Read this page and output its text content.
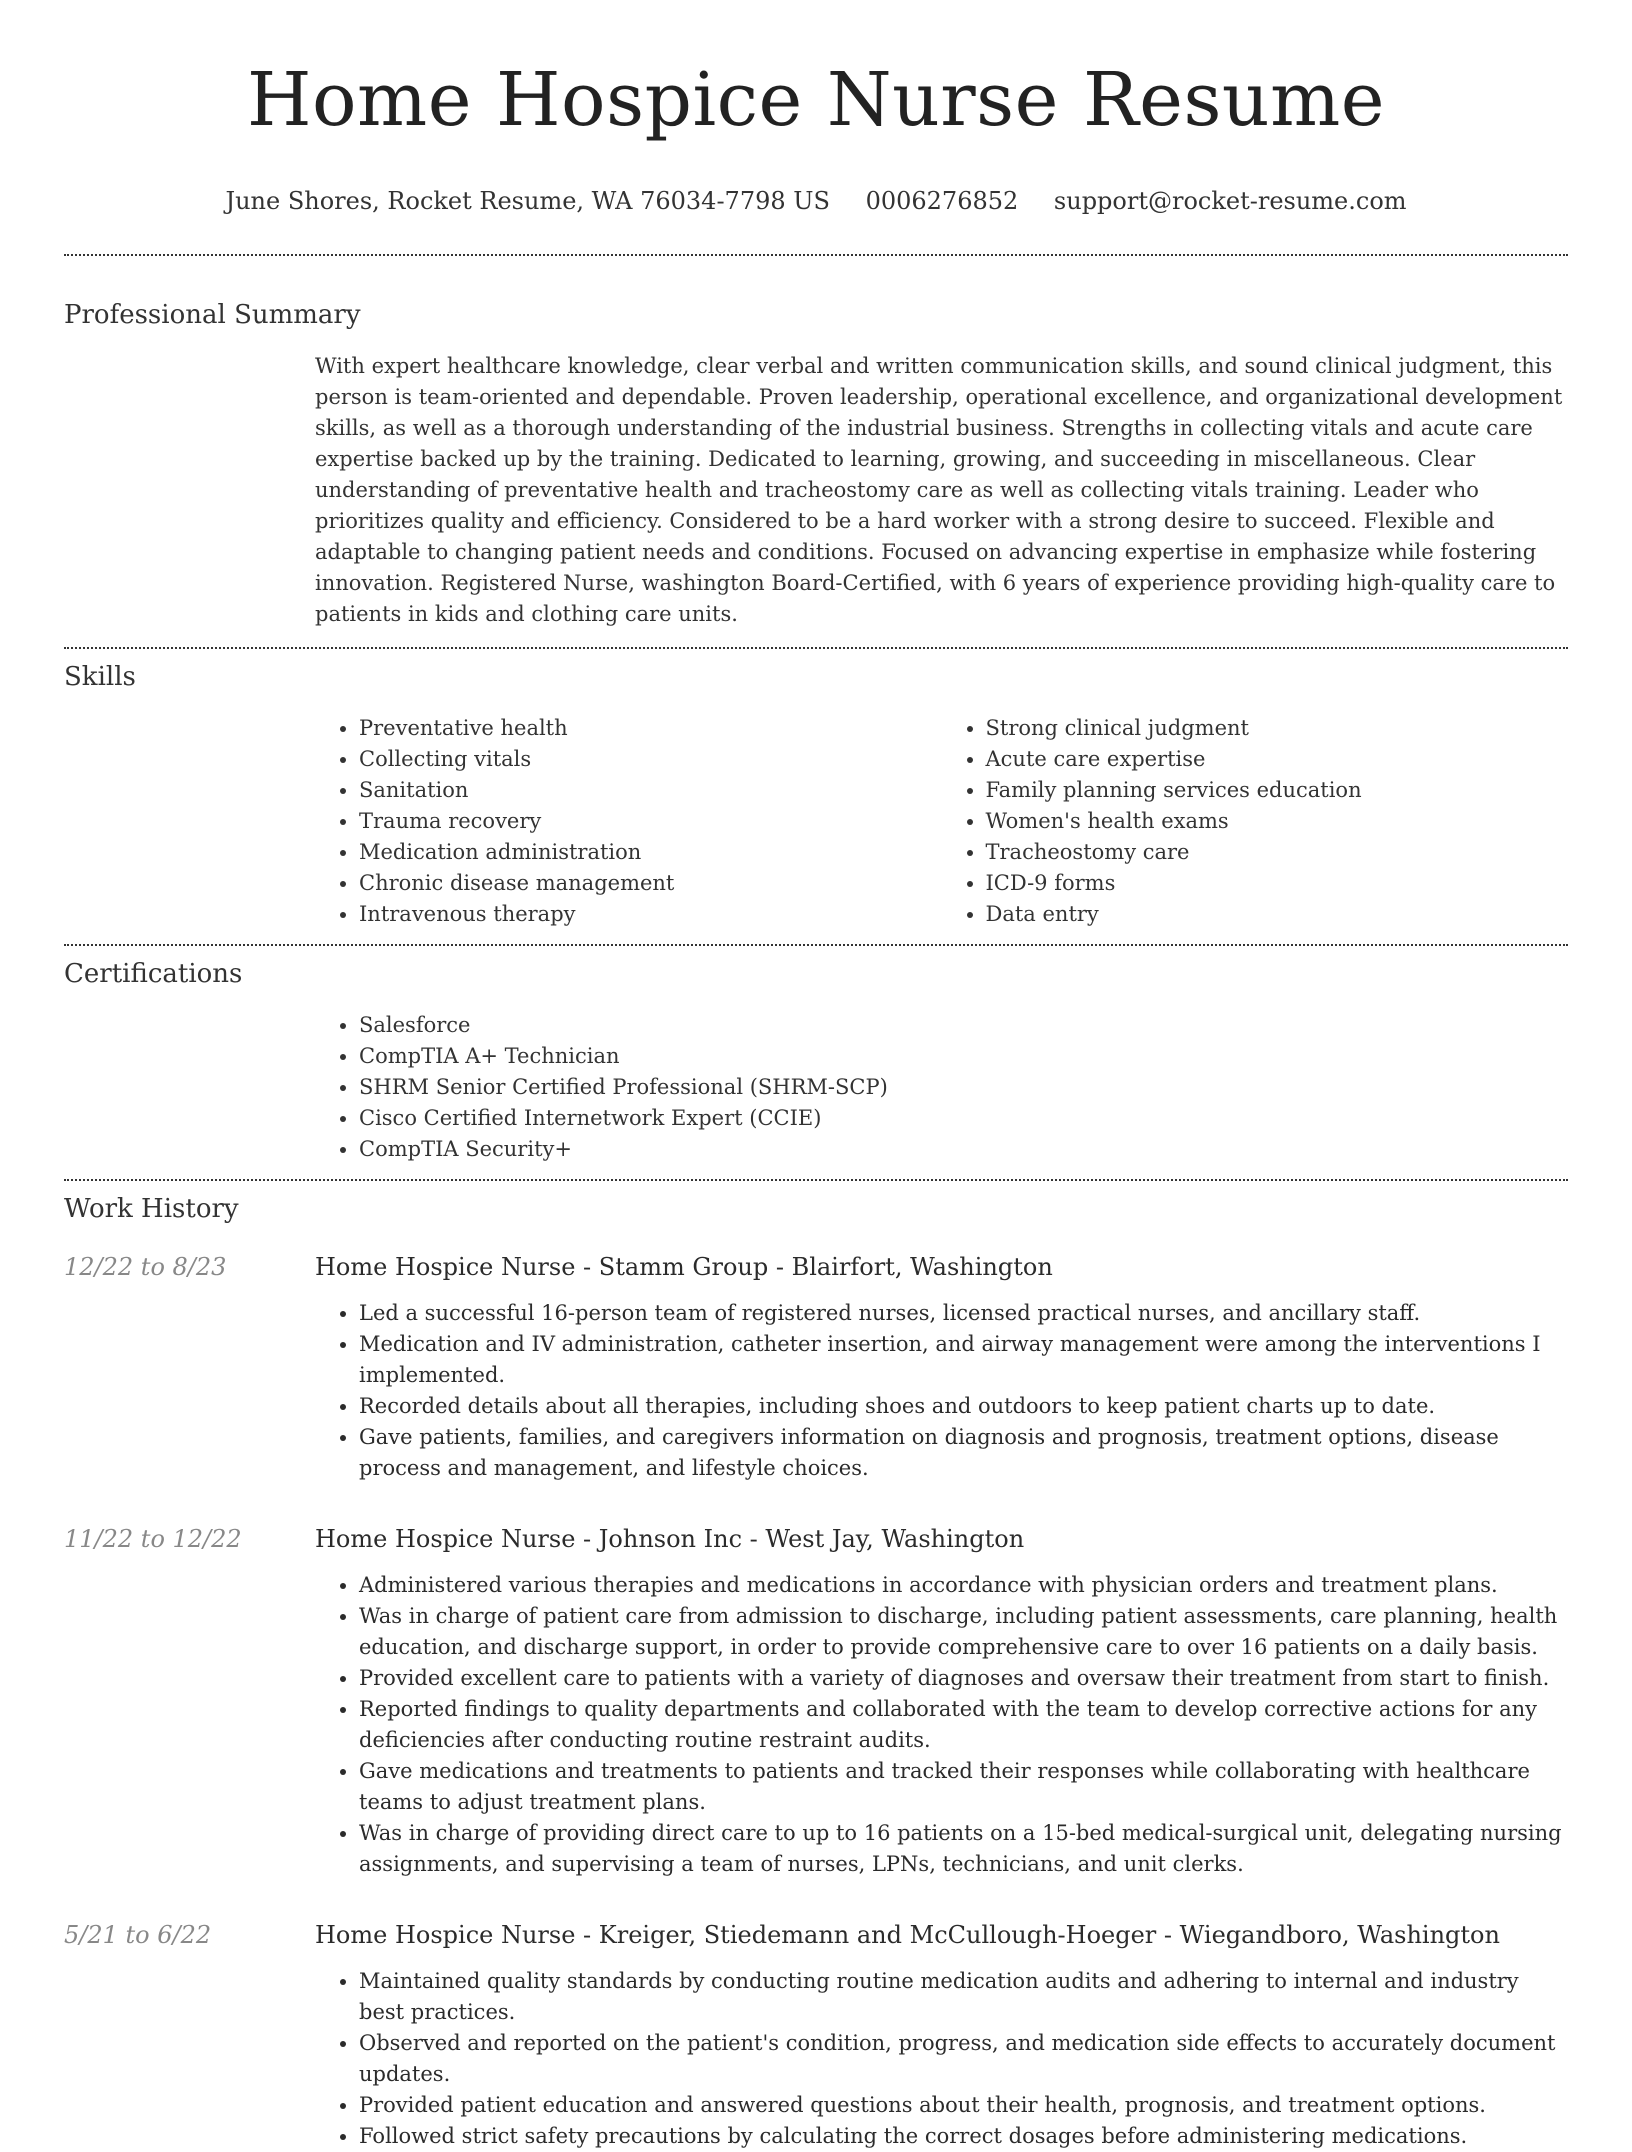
Home Hospice Nurse Resume
June Shores, Rocket Resume, WA 76034-7798 US 0006276852 support@rocket-resume.com
Professional Summary

With expert healthcare knowledge, clear verbal and written communication skills, and sound clinical judgment, this person is team-oriented and dependable. Proven leadership, operational excellence, and organizational development skills, as well as a thorough understanding of the industrial business. Strengths in collecting vitals and acute care expertise backed up by the training. Dedicated to learning, growing, and succeeding in miscellaneous. Clear understanding of preventative health and tracheostomy care as well as collecting vitals training. Leader who prioritizes quality and efficiency. Considered to be a hard worker with a strong desire to succeed. Flexible and adaptable to changing patient needs and conditions. Focused on advancing expertise in emphasize while fostering innovation. Registered Nurse, washington Board-Certified, with 6 years of experience providing high-quality care to patients in kids and clothing care units.

Skills
• Preventative health
• Collecting vitals
• Sanitation
• Trauma recovery
• Medication administration
• Chronic disease management
• Intravenous therapy
• Strong clinical judgment
• Acute care expertise
• Family planning services education
• Women's health exams
• Tracheostomy care
• ICD-9 forms
• Data entry
Certifications
• Salesforce
• CompTIA A+ Technician
• SHRM Senior Certified Professional (SHRM-SCP)
• Cisco Certified Internetwork Expert (CCIE)
• CompTIA Security+
Work History
12/22 to 8/23	Home Hospice Nurse - Stamm Group - Blairfort, Washington
• Led a successful 16-person team of registered nurses, licensed practical nurses, and ancillary staff.
• Medication and IV administration, catheter insertion, and airway management were among the interventions I implemented.
• Recorded details about all therapies, including shoes and outdoors to keep patient charts up to date.
• Gave patients, families, and caregivers information on diagnosis and prognosis, treatment options, disease process and management, and lifestyle choices.
11/22 to 12/22	Home Hospice Nurse - Johnson Inc - West Jay, Washington
• Administered various therapies and medications in accordance with physician orders and treatment plans.
• Was in charge of patient care from admission to discharge, including patient assessments, care planning, health education, and discharge support, in order to provide comprehensive care to over 16 patients on a daily basis.
• Provided excellent care to patients with a variety of diagnoses and oversaw their treatment from start to finish.
• Reported findings to quality departments and collaborated with the team to develop corrective actions for any deficiencies after conducting routine restraint audits.
• Gave medications and treatments to patients and tracked their responses while collaborating with healthcare teams to adjust treatment plans.
• Was in charge of providing direct care to up to 16 patients on a 15-bed medical-surgical unit, delegating nursing assignments, and supervising a team of nurses, LPNs, technicians, and unit clerks.
5/21 to 6/22	Home Hospice Nurse - Kreiger, Stiedemann and McCullough-Hoeger - Wiegandboro, Washington
• Maintained quality standards by conducting routine medication audits and adhering to internal and industry best practices.
• Observed and reported on the patient's condition, progress, and medication side effects to accurately document updates.
• Provided patient education and answered questions about their health, prognosis, and treatment options.
• Followed strict safety precautions by calculating the correct dosages before administering medications.
